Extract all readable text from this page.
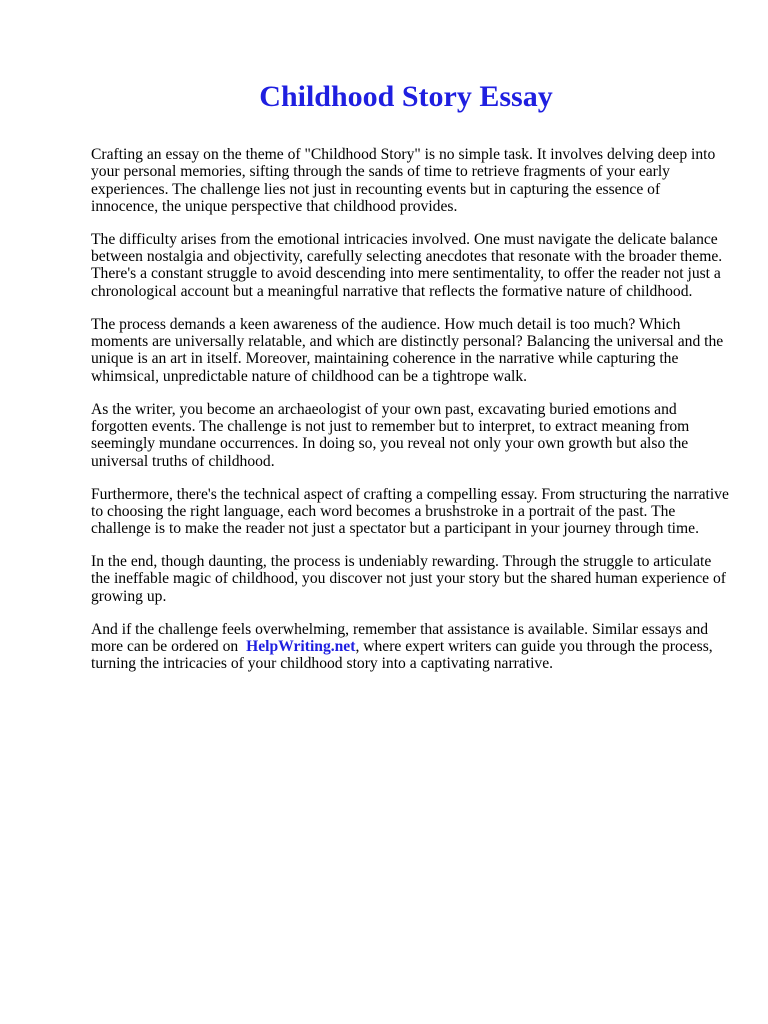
Childhood Story Essay

Crafting an essay on the theme of "Childhood Story" is no simple task. It involves delving deep into your personal memories, sifting through the sands of time to retrieve fragments of your early experiences. The challenge lies not just in recounting events but in capturing the essence of innocence, the unique perspective that childhood provides.

The difficulty arises from the emotional intricacies involved. One must navigate the delicate balance between nostalgia and objectivity, carefully selecting anecdotes that resonate with the broader theme. There's a constant struggle to avoid descending into mere sentimentality, to offer the reader not just a chronological account but a meaningful narrative that reflects the formative nature of childhood.

The process demands a keen awareness of the audience. How much detail is too much? Which moments are universally relatable, and which are distinctly personal? Balancing the universal and the unique is an art in itself. Moreover, maintaining coherence in the narrative while capturing the whimsical, unpredictable nature of childhood can be a tightrope walk.

As the writer, you become an archaeologist of your own past, excavating buried emotions and forgotten events. The challenge is not just to remember but to interpret, to extract meaning from seemingly mundane occurrences. In doing so, you reveal not only your own growth but also the universal truths of childhood.

Furthermore, there's the technical aspect of crafting a compelling essay. From structuring the narrative to choosing the right language, each word becomes a brushstroke in a portrait of the past. The challenge is to make the reader not just a spectator but a participant in your journey through time.

In the end, though daunting, the process is undeniably rewarding. Through the struggle to articulate the ineffable magic of childhood, you discover not just your story but the shared human experience of growing up.

And if the challenge feels overwhelming, remember that assistance is available. Similar essays and more can be ordered on HelpWriting.net, where expert writers can guide you through the process, turning the intricacies of your childhood story into a captivating narrative.
